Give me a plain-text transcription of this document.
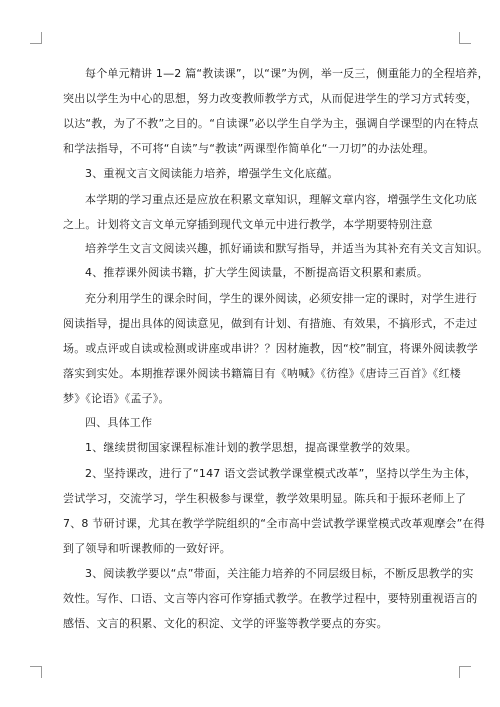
每个单元精讲 1—2 篇“教读课”，以“课”为例，举一反三，侧重能力的全程培养，
突出以学生为中心的思想，努力改变教师教学方式，从而促进学生的学习方式转变，
以达“教，为了不教”之目的。“自读课”必以学生自学为主，强调自学课型的内在特点
和学法指导，不可将“自读”与“教读”两课型作简单化“一刀切”的办法处理。
3、重视文言文阅读能力培养，增强学生文化底蕴。
本学期的学习重点还是应放在积累文章知识，理解文章内容，增强学生文化功底
之上。计划将文言文单元穿插到现代文单元中进行教学，本学期要特别注意
培养学生文言文阅读兴趣，抓好诵读和默写指导，并适当为其补充有关文言知识。
4、推荐课外阅读书籍，扩大学生阅读量，不断提高语文积累和素质。
充分利用学生的课余时间，学生的课外阅读，必须安排一定的课时，对学生进行
阅读指导，提出具体的阅读意见，做到有计划、有措施、有效果，不搞形式，不走过
场。或点评或自读或检测或讲座或串讲？？因材施教，因“校”制宜，将课外阅读教学
落实到实处。本期推荐课外阅读书籍篇目有《呐喊》《彷徨》《唐诗三百首》《红楼
梦》《论语》《孟子》。
四、具体工作
1、继续贯彻国家课程标准计划的教学思想，提高课堂教学的效果。
2、坚持课改，进行了“147 语文尝试教学课堂模式改革”，坚持以学生为主体，
尝试学习，交流学习，学生积极参与课堂，教学效果明显。陈兵和于振环老师上了
7、8 节研讨课，尤其在教学学院组织的“全市高中尝试教学课堂模式改革观摩会”在得
到了领导和听课教师的一致好评。
3、阅读教学要以“点”带面，关注能力培养的不同层级目标，不断反思教学的实
效性。写作、口语、文言等内容可作穿插式教学。在教学过程中，要特别重视语言的
感悟、文言的积累、文化的积淀、文学的评鉴等教学要点的夯实。
